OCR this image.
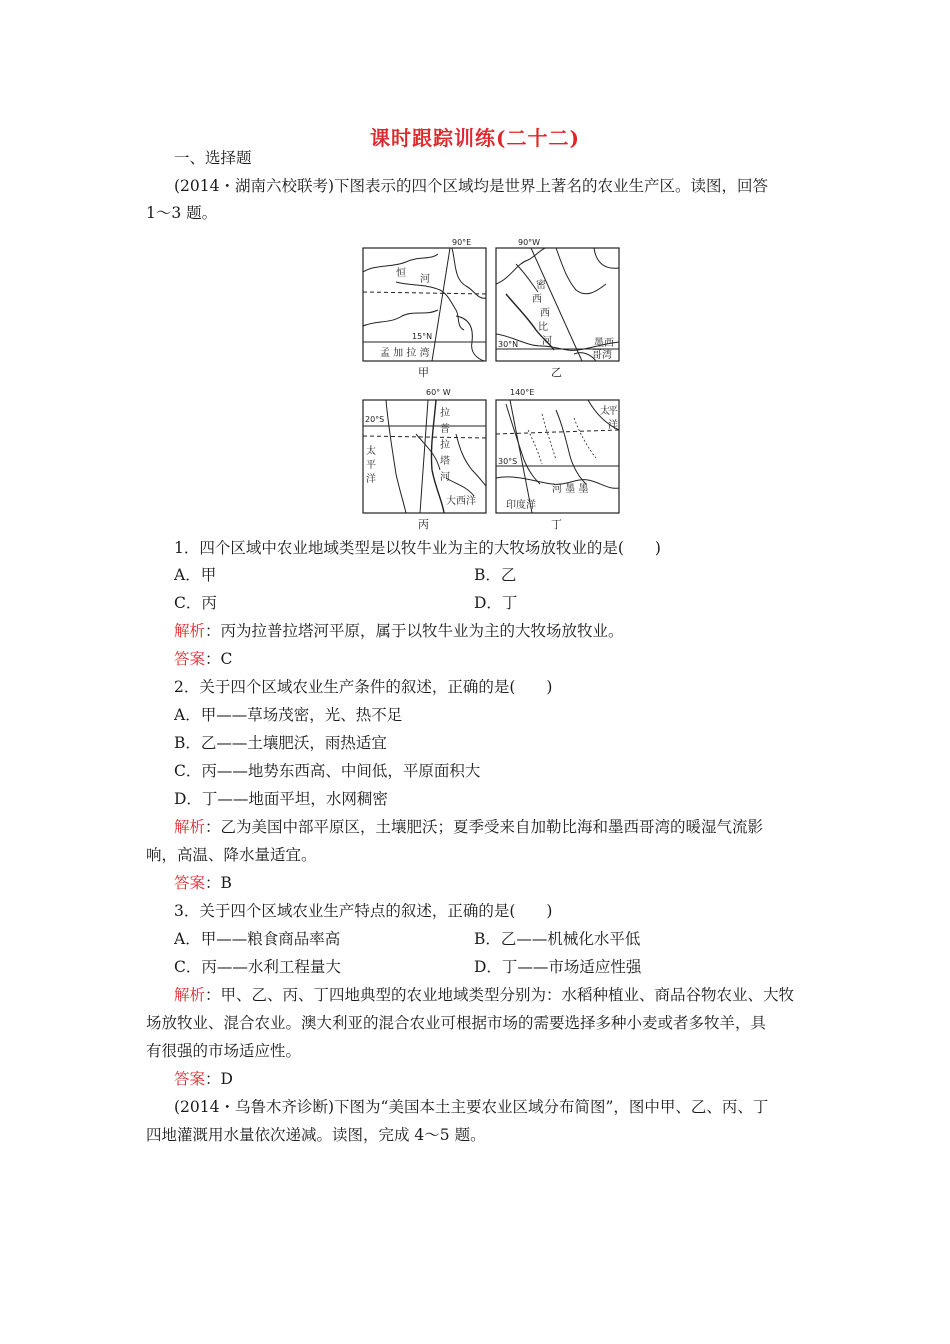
课时跟踪训练(二十二)
一、选择题
(2014・湖南六校联考)下图表示的四个区域均是世界上著名的农业生产区。读图，回答
1～3 题。
90°E
15°N
恒
河
孟 加 拉 湾
90°W
30°N
密
西
西
比
河	墨西
哥湾
60° W
20°S
拉
普
拉
塔
河
太
平
洋
大西洋
140°E
30°S
河 墨 墨
太
平
洋
印度洋
甲	乙
丙	丁
1．四个区域中农业地域类型是以牧牛业为主的大牧场放牧业的是(　　)
A．甲	B．乙
C．丙	D．丁
解析：丙为拉普拉塔河平原，属于以牧牛业为主的大牧场放牧业。
答案：C
2．关于四个区域农业生产条件的叙述，正确的是(　　)
A．甲——草场茂密，光、热不足
B．乙——土壤肥沃，雨热适宜
C．丙——地势东西高、中间低，平原面积大
D．丁——地面平坦，水网稠密
解析：乙为美国中部平原区，土壤肥沃；夏季受来自加勒比海和墨西哥湾的暖湿气流影
响，高温、降水量适宜。
答案：B
3．关于四个区域农业生产特点的叙述，正确的是(　　)
A．甲——粮食商品率高	B．乙——机械化水平低
C．丙——水利工程量大	D．丁——市场适应性强
解析：甲、乙、丙、丁四地典型的农业地域类型分别为：水稻种植业、商品谷物农业、大牧
场放牧业、混合农业。澳大利亚的混合农业可根据市场的需要选择多种小麦或者多牧羊，具
有很强的市场适应性。
答案：D
(2014・乌鲁木齐诊断)下图为“美国本土主要农业区域分布简图”，图中甲、乙、丙、丁
四地灌溉用水量依次递减。读图，完成 4～5 题。
